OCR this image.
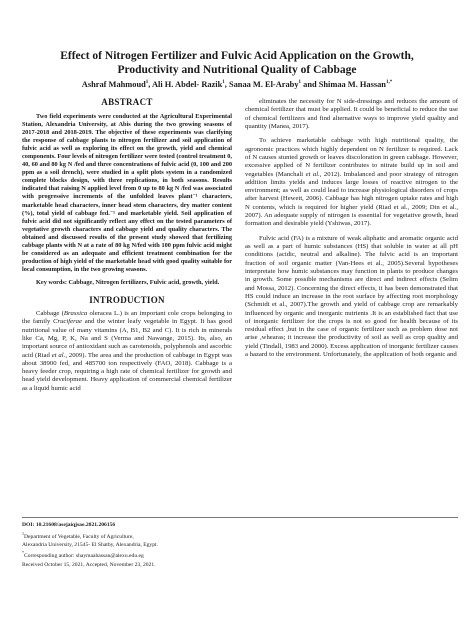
Effect of Nitrogen Fertilizer and Fulvic Acid Application on the Growth,
Productivity and Nutritional Quality of Cabbage
Ashraf Mahmoud$^1$, Ali H. Abdel- Razik$^1$, Sanaa M. El-Araby$^1$ and Shimaa M. Hassan$^{1,*}$
ABSTRACT

Two field experiments were conducted at the Agricultural Experimental Station, Alexandria University, at Abis during the two growing seasons of 2017-2018 and 2018-2019. The objective of these experiments was clarifying the response of cabbage plants to nitrogen fertilizer and soil application of fulvic acid as well as exploring its effect on the growth, yield and chemical components. Four levels of nitrogen fertilizer were tested (control treatment 0, 40, 60 and 80 kg N /fed and three concentrations of fulvic acid (0, 100 and 200 ppm as a soil drench), were studied in a split plots system in a randomized complete blocks design, with three replications, in both seasons. Results indicated that raising N applied level from 0 up to 80 kg N /fed was associated with progressive increments of the unfolded leaves plant⁻¹ characters, marketable head characters, inner head stem characters, dry matter content (%), total yield of cabbage fed.⁻¹ and marketable yield. Soil application of fulvic acid did not significantly reflect any effect on the tested parameters of vegetative growth characters and cabbage yield and quality characters. The obtained and discussed results of the present study showed that fertilizing cabbage plants with N at a rate of 80 kg N/fed with 100 ppm fulvic acid might be considered as an adequate and efficient treatment combination for the production of high yield of the marketable head with good quality suitable for local consumption, in the two growing seasons.

Key words: Cabbage, Nitrogen fertilizers, Fulvic acid, growth, yield.

INTRODUCTION

Cabbage (Brassica oleracea L.) is an important cole crops belonging to the family Cruciferae and the winter leafy vegetable in Egypt. It has good nutritional value of many vitamins (A, B1, B2 and C). It is rich in minerals like Ca, Mg, P, K, Na and S (Verma and Nawange, 2015). Its, also, an important source of antioxidant such as carotenoids, polyphenols and ascorbic acid (Riad et al., 2009). The area and the production of cabbage in Egypt was about 38900 fed, and 485700 ton respectively (FAO, 2018). Cabbage is a heavy feeder crop, requiring a high rate of chemical fertilizer for growth and head yield development. Heavy application of commercial chemical fertilizer as a liquid humic acid

eliminates the necessity for N side-dressings and reduces the amount of chemical fertilizer that must be applied. It could be beneficial to reduce the use of chemical fertilizers and find alternative ways to improve yield quality and quantity (Manea, 2017).

To achieve marketable cabbage with high nutritional quality, the agronomic practices which highly dependent on N fertilizer is required. Lack of N causes stunted growth or leaves discoloration in green cabbage. However, excessive applied of N fertilizer contributes to nitrate build up in soil and vegetables (Manchali et al., 2012). Imbalanced and poor strategy of nitrogen addition limits yields and induces large losses of reactive nitrogen to the environment; as well as could lead to increase physiological disorders of crops after harvest (Hewett, 2006). Cabbage has high nitrogen uptake rates and high N contents, which is required for higher yield (Riad et al., 2009; Din et al., 2007). An adequate supply of nitrogen is essential for vegetative growth, head formation and desirable yield (Yshiwas, 2017).

Fulvic acid (FA) is a mixture of weak aliphatic and aromatic organic acid as well as a part of humic substances (HS) that soluble in water at all pH conditions (acidic, neutral and alkaline). The fulvic acid is an important fraction of soil organic matter (Van-Hees et al., 2005).Several hypotheses interpretate how humic substances may function in plants to produce changes in growth. Some possible mechanisms are direct and indirect effects (Selim and Mossa, 2012). Concerning the direct effects, it has been demonstrated that HS could induce an increase in the root surface by affecting root morphology (Schmidt et al., 2007).The growth and yield of cabbage crop are remarkably influenced by organic and inorganic nutrients .It is an established fact that use of inorganic fertilizer for the crops is not so good for health because of its residual effect ,but in the case of organic fertilizer such as problem dose not arise ,whearas; it increase the productivity of soil as well as crop quality and yield (Tindall, 1983 and 2000). Excess application of inorganic fertilizer causes a hazard to the environment. Unfortunately, the application of both organic and

DOI: 10.21608/asejaiqjsae.2021.206156
$^1$Department of Vegetable, Faculty of Agriculture,
Alexandria University, 21545- El Shatby, Alexandria, Egypt.
*Corresponding author: shaymaahassan@alexu.edu.eg
Received October 15, 2021, Accepted, November 23, 2021.
